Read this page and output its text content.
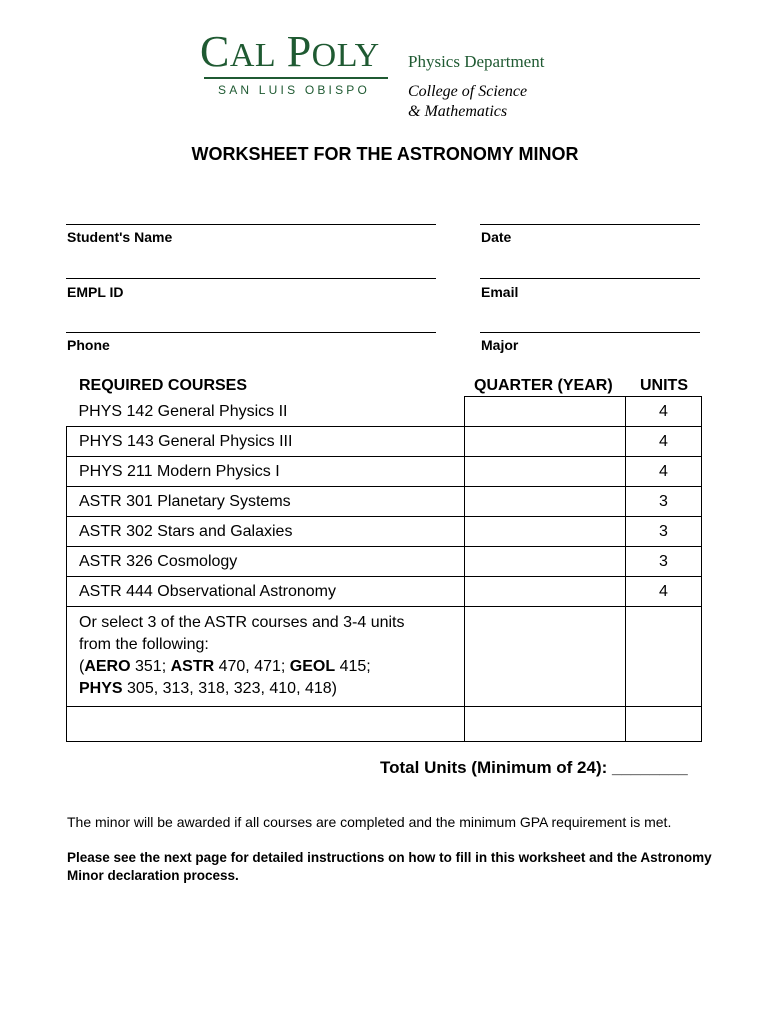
CAL POLY
SAN LUIS OBISPO
Physics Department
College of Science
& Mathematics
WORKSHEET FOR THE ASTRONOMY MINOR
Student's Name	Date
EMPL ID	Email
Phone	Major
REQUIRED COURSES	QUARTER (YEAR) UNITS
PHYS 142 General Physics II		4
PHYS 143 General Physics III		4
PHYS 211 Modern Physics I		4
ASTR 301 Planetary Systems		3
ASTR 302 Stars and Galaxies		3
ASTR 326 Cosmology		3
ASTR 444 Observational Astronomy		4

Or select 3 of the ASTR courses and 3-4 units
from the following:
(AERO 351; ASTR 470, 471; GEOL 415;
PHYS 305, 313, 318, 323, 410, 418)		

Total Units (Minimum of 24): ________
The minor will be awarded if all courses are completed and the minimum GPA requirement is met.
Please see the next page for detailed instructions on how to fill in this worksheet and the Astronomy Minor declaration process.
